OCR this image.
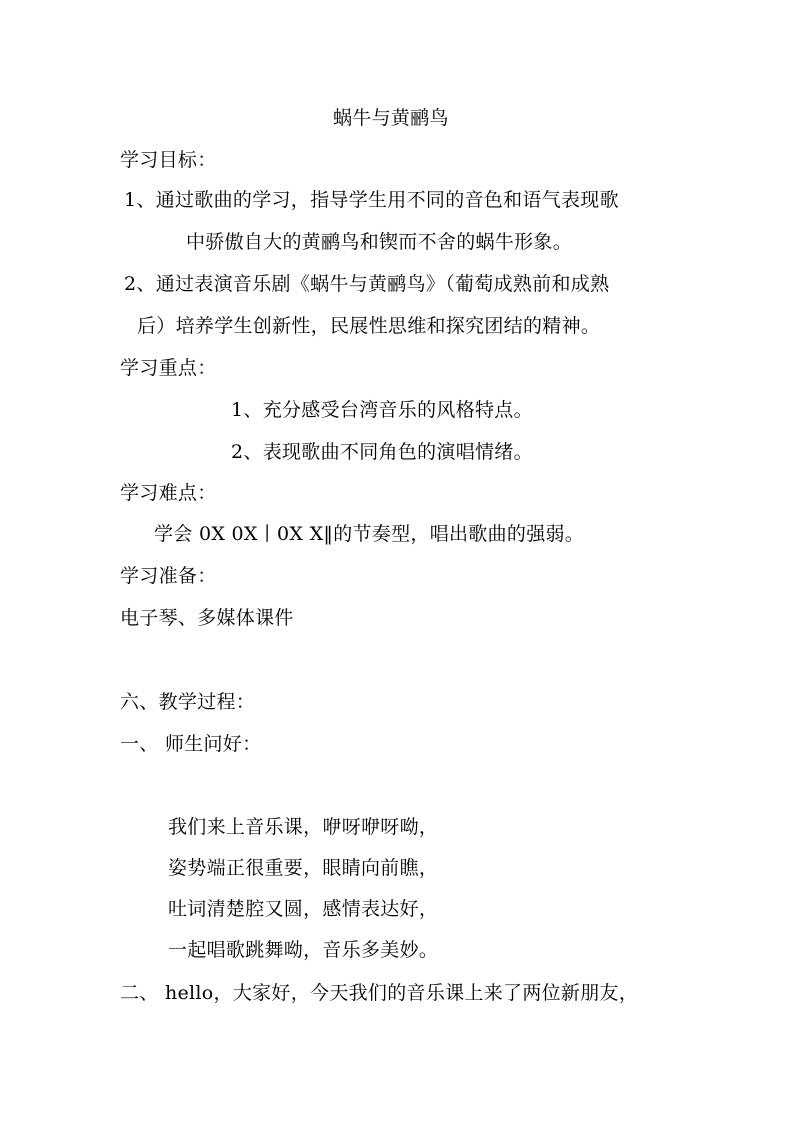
蜗牛与黄鹂鸟
学习目标：
1、通过歌曲的学习，指导学生用不同的音色和语气表现歌
中骄傲自大的黄鹂鸟和锲而不舍的蜗牛形象。
2、通过表演音乐剧《蜗牛与黄鹂鸟》（葡萄成熟前和成熟
后）培养学生创新性，民展性思维和探究团结的精神。
学习重点：
1、充分感受台湾音乐的风格特点。
2、表现歌曲不同角色的演唱情绪。
学习难点：
学会 0X 0X丨0X X‖的节奏型，唱出歌曲的强弱。
学习准备：
电子琴、多媒体课件
六、教学过程：
一、 师生问好：
我们来上音乐课，咿呀咿呀呦，
姿势端正很重要，眼睛向前瞧，
吐词清楚腔又圆，感情表达好，
一起唱歌跳舞呦，音乐多美妙。
二、 hello，大家好，今天我们的音乐课上来了两位新朋友，
